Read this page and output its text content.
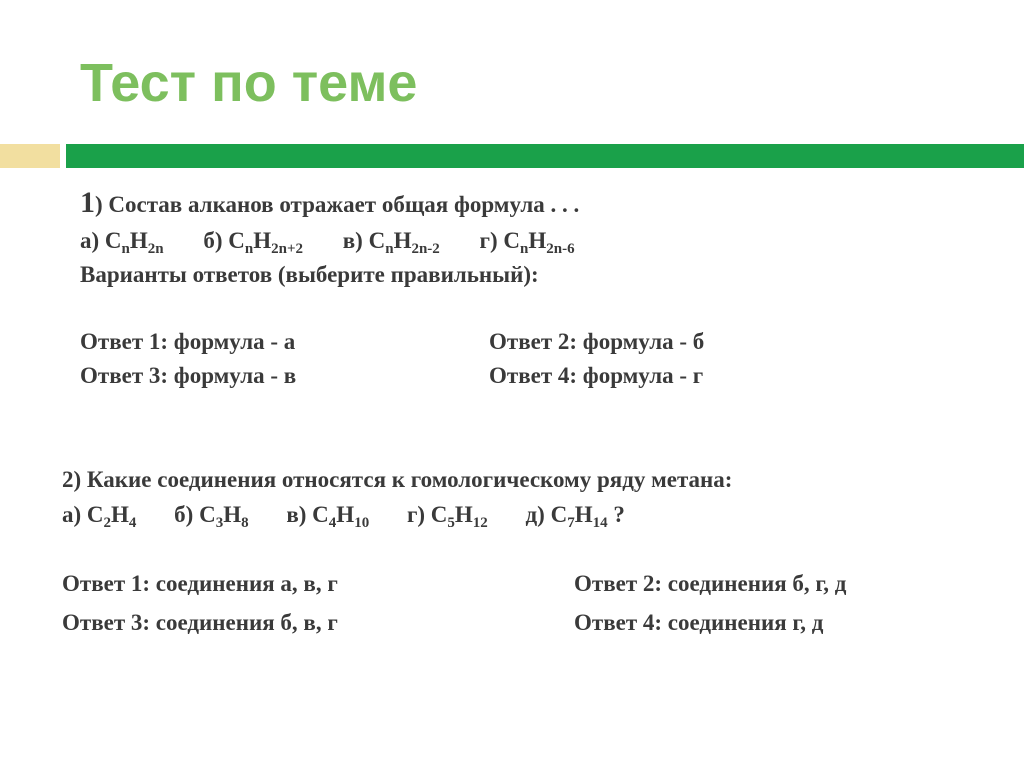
Тест по теме
1) Состав алканов отражает общая формула . . .
а) $C_nH_{2n}$ б) $C_nH_{2n+2}$ в) $C_nH_{2n-2}$ г) $C_nH_{2n-6}$
Варианты ответов (выберите правильный):
Ответ 1: формула - а	Ответ 2: формула - б
Ответ 3: формула - в	Ответ 4: формула - г
2) Какие соединения относятся к гомологическому ряду метана:
а) $C_2H_4$ б) $C_3H_8$ в) $C_4H_{10}$ г) $C_5H_{12}$ д) $C_7H_{14}$ ?
Ответ 1: соединения а, в, г	Ответ 2: соединения б, г, д
Ответ 3: соединения б, в, г	Ответ 4: соединения г, д
